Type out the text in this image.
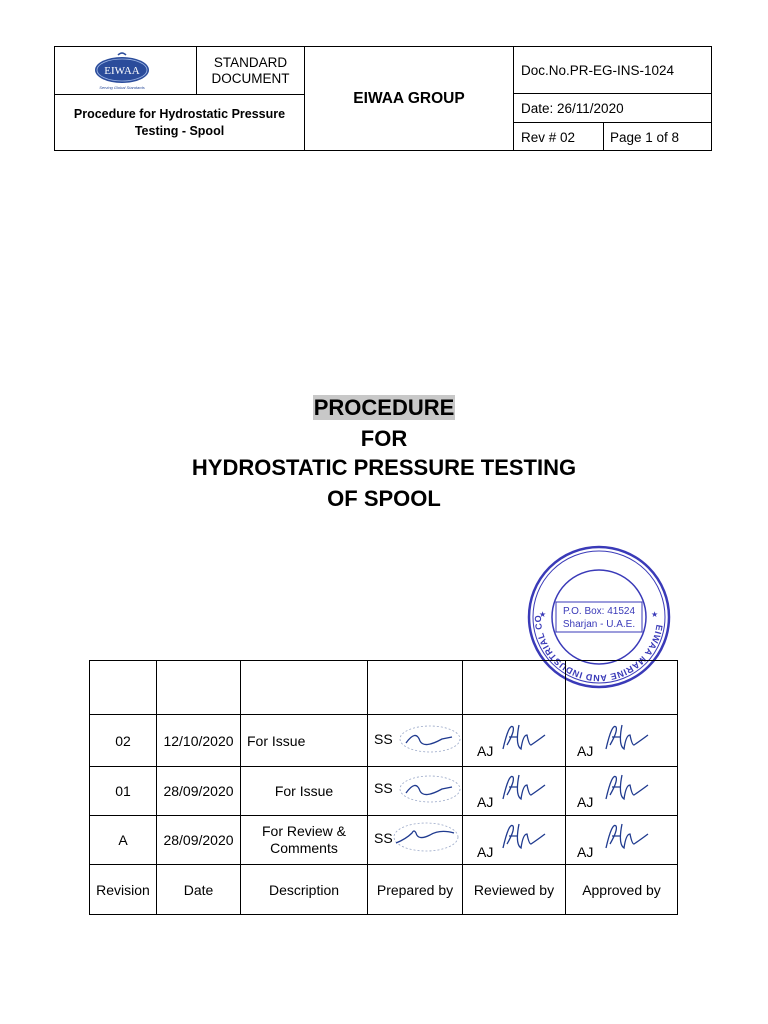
EIWAA
Serving Global Standards
STANDARD DOCUMENT
Procedure for Hydrostatic Pressure Testing - Spool
EIWAA GROUP
Doc.No.PR-EG-INS-1024
Date: 26/11/2020
Rev # 02	Page 1 of 8
PROCEDURE
FOR
HYDROSTATIC PRESSURE TESTING
OF SPOOL
EIWAA MARINE AND INDUSTRIAL CO
★	★
P.O. Box: 41524
Sharjan - U.A.E.

02	12/10/2020	For Issue	SS	AJ	AJ

01	28/09/2020	For Issue	SS	AJ	AJ

A	28/09/2020	For Review & Comments	SS	AJ	AJ

Revision	Date	Description	Prepared by	Reviewed by	Approved by
